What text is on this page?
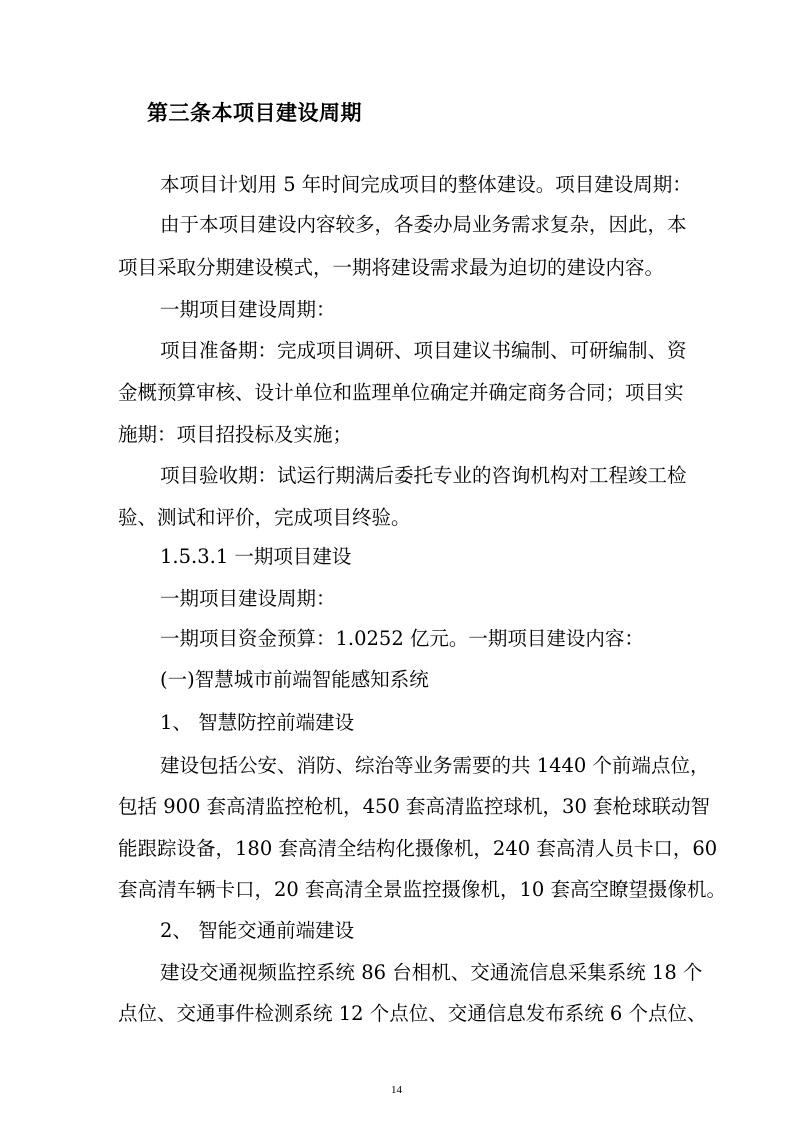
第三条本项目建设周期
本项目计划用 5 年时间完成项目的整体建设。项目建设周期：
由于本项目建设内容较多，各委办局业务需求复杂，因此，本
项目采取分期建设模式，一期将建设需求最为迫切的建设内容。
一期项目建设周期：
项目准备期：完成项目调研、项目建议书编制、可研编制、资
金概预算审核、设计单位和监理单位确定并确定商务合同；项目实
施期：项目招投标及实施；
项目验收期：试运行期满后委托专业的咨询机构对工程竣工检
验、测试和评价，完成项目终验。
1.5.3.1 一期项目建设
一期项目建设周期：
一期项目资金预算：1.0252 亿元。一期项目建设内容：
(一)智慧城市前端智能感知系统
1、 智慧防控前端建设
建设包括公安、消防、综治等业务需要的共 1440 个前端点位，
包括 900 套高清监控枪机，450 套高清监控球机，30 套枪球联动智
能跟踪设备，180 套高清全结构化摄像机，240 套高清人员卡口，60
套高清车辆卡口，20 套高清全景监控摄像机，10 套高空瞭望摄像机。
2、 智能交通前端建设
建设交通视频监控系统 86 台相机、交通流信息采集系统 18 个
点位、交通事件检测系统 12 个点位、交通信息发布系统 6 个点位、
14
